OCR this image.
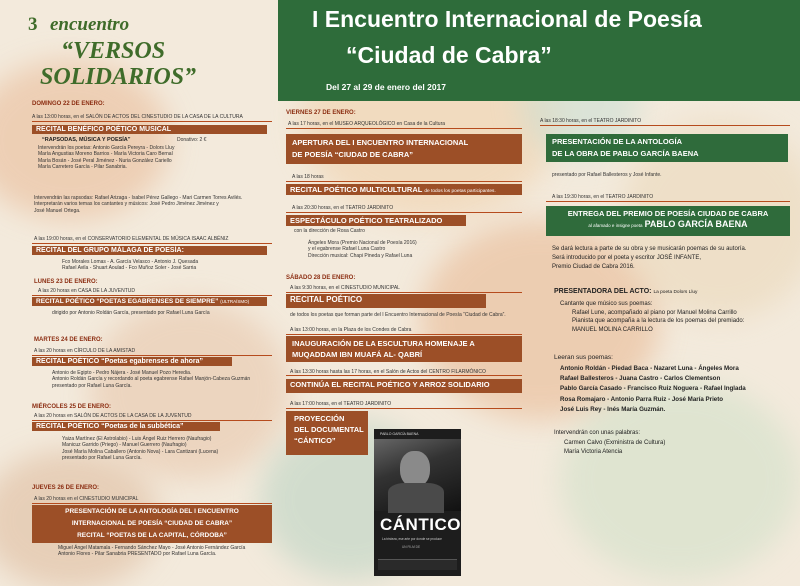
3 encuentro
“VERSOS
SOLIDARIOS”
DOMINGO 22 DE ENERO:
A las 13:00 horas, en el SALÓN DE ACTOS DEL CINESTUDIO DE LA CASA DE LA CULTURA
RECITAL BENÉFICO POÉTICO MUSICAL
“RAPSODAS, MÚSICA Y POESÍA”	Donativo: 2 €
Intervendrán los poetas: Antonio García Pereyra - Dolors Lluy
María Angustias Moreno Barrios - María Victoria Caro Bernal
María Bosán - José Peral Jiménez - Nuria González Cariello
María Carretero García - Pilar Sanabria.
Intervendrán las rapsodas: Rafael Arizaga - Isabel Pérez Gallego - Mari Carmen Torres Avilés.
Interpretarán varios temas los cantantes y músicos: José Pedro Jiménez Jiménez y
José Manuel Ortega.
A las 19:00 horas, en el CONSERVATORIO ELEMENTAL DE MÚSICA ISAAC ALBÉNIZ
RECITAL DEL GRUPO MÁLAGA DE POESÍA:
Fco Morales Lomas - A. García Velasco - Antonio J. Quesada
Rafael Avila - Shuart Aoulad - Fco Muñoz Soler - José Sarria
LUNES 23 DE ENERO:
A las 20 horas en CASA DE LA JUVENTUD
RECITAL POÉTICO “POETAS EGABRENSES DE SIEMPRE” (ULTRAÍSMO)
dirigido por Antonio Roldán García, presentado por Rafael Luna García
MARTES 24 DE ENERO:
A las 20 horas en CÍRCULO DE LA AMISTAD
RECITAL POÉTICO “Poetas egabrenses de ahora”
Antonio de Egipto - Pedro Nájera - José Manuel Pozo Heredia.
Antonio Roldán García y recordando al poeta egabrense Rafael Manjón-Cabeza Guzmán
presentado por Rafael Luna García.
MIÉRCOLES 25 DE ENERO:
A las 20 horas en SALÓN DE ACTOS DE LA CASA DE LA JUVENTUD
RECITAL POÉTICO “Poetas de la subbética”
Yaiza Martínez (El Astrolabio) - Luis Ángel Ruiz Herrero (Naufragio)
Manicuz Garrido (Priego) - Manuel Guerrero (Naufragio)
José María Molina Caballero (Antonio Nova) - Lara Cantizani (Lucena)
presentado por Rafael Luna García.
JUEVES 26 DE ENERO:
A las 20 horas en el CINESTUDIO MUNICIPAL
PRESENTACIÓN DE LA ANTOLOGÍA DEL I ENCUENTRO
INTERNACIONAL DE POESÍA “CIUDAD DE CABRA”
RECITAL “POETAS DE LA CAPITAL, CÓRDOBA”
Miguel Ángel Matamala - Fernando Sánchez Mayo - José Antonio Fernández García
Antonio Flores - Pilar Sanabria PRESENTADO por Rafael Luna García.
I Encuentro Internacional de Poesía
“Ciudad de Cabra”
Del 27 al 29 de enero del 2017
VIERNES 27 DE ENERO:
A las 17 horas, en el MUSEO ARQUEOLÓGICO en Casa de la Cultura
APERTURA DEL I ENCUENTRO INTERNACIONAL
DE POESÍA “CIUDAD DE CABRA”
A las 18 horas
RECITAL POÉTICO MULTICULTURAL de todos los poetas participantes.
A las 20:30 horas, en el TEATRO JARDINITO
ESPECTÁCULO POÉTICO TEATRALIZADO
con la dirección de Rosa Castro
Ángeles Mora (Premio Nacional de Poesía 2016)
y el egabrense Rafael Luna Castro
Dirección musical: Chapi Pineda y Rafael Luna
SÁBADO 28 DE ENERO:
A las 9:30 horas, en el CINESTUDIO MUNICIPAL
RECITAL POÉTICO
de todos los poetas que forman parte del I Encuentro Internacional de Poesía “Ciudad de Cabra”.
A las 13:00 horas, en la Plaza de los Condes de Cabra
INAUGURACIÓN DE LA ESCULTURA HOMENAJE A
MUQADDAM IBN MUAFÁ AL- QABRÍ
A las 13:30 horas hasta las 17 horas, en el Salón de Actos del CENTRO FILARMÓNICO
CONTINÚA EL RECITAL POÉTICO Y ARROZ SOLIDARIO
A las 17:00 horas, en el TEATRO JARDINITO
PROYECCIÓN
DEL DOCUMENTAL
“CÁNTICO”
PABLO GARCÍA BAENA
CÁNTICO
La tristeza, ese arte por donde se produce
UN FILM DE
A las 18:30 horas, en el TEATRO JARDINITO
PRESENTACIÓN DE LA ANTOLOGÍA
DE LA OBRA DE PABLO GARCÍA BAENA
presentado por Rafael Ballesteros y José Infante.
A las 19:30 horas, en el TEATRO JARDINITO
ENTREGA DEL PREMIO DE POESÍA CIUDAD DE CABRA
al afamado e insigne poeta PABLO GARCÍA BAENA
Se dará lectura a parte de su obra y se musicarán poemas de su autoría.
Será introducido por el poeta y escritor JOSÉ INFANTE,
Premio Ciudad de Cabra 2016.
PRESENTADORA DEL ACTO: La poeta Dolors Lluy
Cantante que músico sus poemas:
Rafael Lune, acompañado al piano por Manuel Molina Carrillo
Pianista que acompaña a la lectura de los poemas del premiado:
MANUEL MOLINA CARRILLO
Leeran sus poemas:
Antonio Roldán - Piedad Baca - Nazaret Luna - Ángeles Mora
Rafael Ballesteros - Juana Castro - Carlos Clementson
Pablo García Casado - Francisco Ruiz Noguera - Rafael Inglada
Rosa Romajaro - Antonio Parra Ruiz - José María Prieto
José Luis Rey - Inés María Guzmán.
Intervendrán con unas palabras:
Carmen Calvo (Exministra de Cultura)
María Victoria Atencia
